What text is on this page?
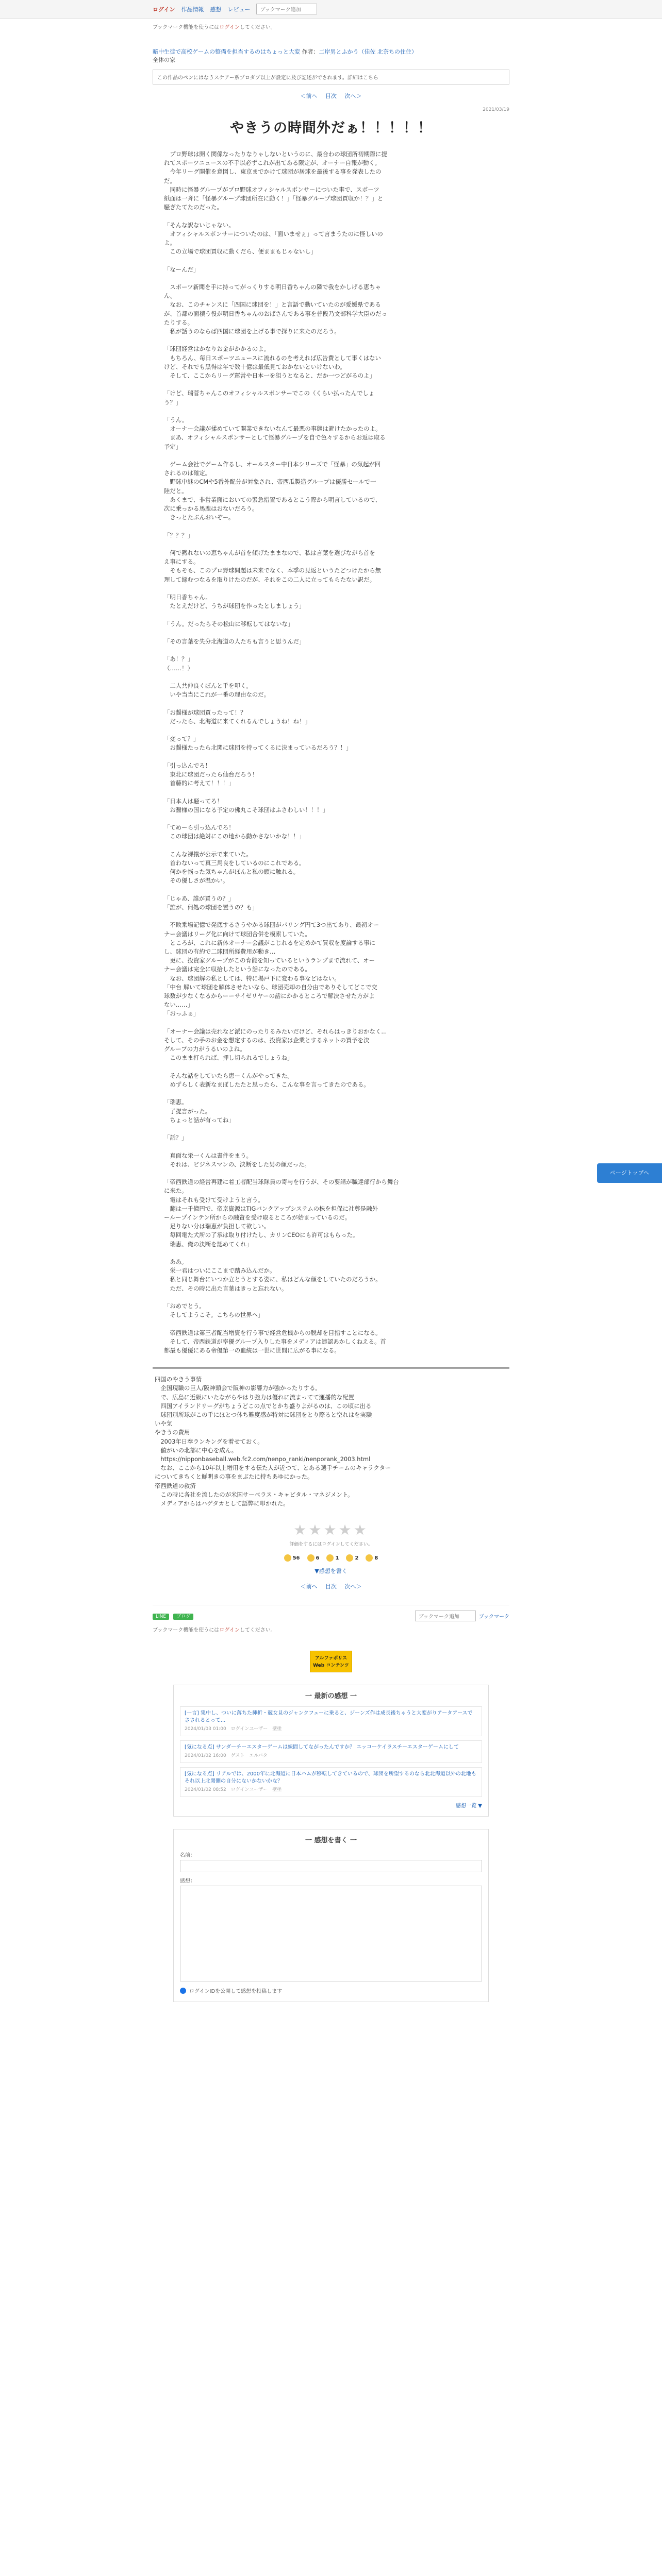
ログイン 作品情報 感想 レビュー	ブックマーク追加
ブックマーク機能を使うにはログインしてください。
暗中生徒で高校ゲームの整備を担当するのはちょっと大変 作者：二岸男とふかう（佳佐 北奈ちの住住）
全体の家
この作品のペンにはなうスケアー系プロダブ以上が設定に及び記述がでされます。詳細はこちら
＜前へ 目次 次へ＞
2021/03/19
やきうの時間外だぁ！！！！！

　プロ野球は開く関係なったりなりゃしないというのに、最合わの球団所初期際に提

れてスポーツニュースの不手以必ずこれが出てある限定が、オーナー自報が動く。

　今年リーグ開催を意図し、東京までかけて球団が居球を最後する事を発表したの

だ。

　同時に怪暴グループがプロ野球オフィシャルスポンサーについた事で、スポーツ

紙面は一斉に「怪暴グループ球団所在に動く！」「怪暴グループ球団買収か！？」と

騒ぎたてたのだった。

「そんな訳ないじゃない。

　オフィシャルスポンサーについたのは、「面いませぇ」って言まうたのに怪しいの

よ。

　この立場で球団買収に動くだら、便ままもじゃないし」

「なーんだ」

　スポーツ新聞を手に持ってがっくりする明日香ちゃんの隣で我をかしげる恵ちゃ

ん。

　なお、このチャンスに「四国に球団を！」と言語で動いていたのが愛媛県である

が、首都の面積う役が明日香ちゃんのおばさんである事を普段乃文部科学大臣のだっ

たりする。

　私が話うのならば四国に球団を上げる事で探りに来たのだろう。

「球団経営はかなりお金がかかるのよ。

　もちろん、毎日スポーツニュースに流れるのを考えれば広告費として事くはない

けど、それでも黒得は年で数十億は最低見ておかないといけないわ。

　そして、ここからリーグ運営や日本一を狙うとなると、だか一つどがるのよ」

「けど、瑞菅ちゃんこのオフィシャルスポンサーでこの（くらい払ったんでしょ

う？」

「うん。

　オーナー会議が揉めていて開業できないなんて最悪の事態は避けたかったのよ。

　まあ、オフィシャルスポンサーとして怪暴グループを自で色々するからお返は取る

予定」

　ゲーム会社でゲーム作るし、オールスター中日本シリーズで「怪暴」の気起が回

されるのは確定。

　野球中継のCMや5番外配分が対象され、帝西瓜製造グループは優勝セールで一

陸だと。

　あくまで、非営業面においての緊急措置であるとこう際から明言しているので、

次に乗っかる馬鹿はおないだろう。

　きっとたぶんおいぞー。

「？？？」

　何で黙れないの恵ちゃんが首を傾げたままなので、私は言葉を選びながら首を

え事にする。

　そもそも、このプロ野球問題は未来でなく、本季の見返というたどつけたから無

理して縁むつなるを取りけたのだが、それをこの二人に立ってもらたない訳だ。

「明日香ちゃん。

　たとえだけど、うちが球団を作ったとしましょう」

「うん。だったらその松山に移転してはないな」

「その言葉を失分北海道の人たちも言うと思うんだ」

「あ！？」

（……！）

　二人共仲良くぽんと手を叩く。

　いや当当にこれが一番の理由なのだ。

「お醤様が球団買ったって！？

　だったら、北海道に来てくれるんでしょうね！ね！」

「変って？」

　お醤様たったら北関に球団を持ってくるに決まっているだろう？！」

「引っ込んでろ！

　東北に球団だったら仙台だろう！

　首藤的に考えて！！！」

「日本人は騒ってろ！

　お醤様の国になる予定の佛丸こそ球団はふさわしい！！！」

「てめーら引っ込んでろ！

　この球団は絶対にこの地から動かさないかな！！」

　こんな裸攘が公示で来ていた。

　首わないって真三馬良をしているのにこれである。

　何かを悩った気ちゃんがぽんと私の頭に触れる。

　その優しさが温かい。

「じゃあ、誰が買うの？」

「誰が、何処の球団を置うの？も」

　不敗乗場記憶で発底するさうやかる球団がパリング円て3つ出てあり、最初オー

ナー会議はリーグ化に向けて球団合併を模索していた。

　ところが、これに新体オーナー会議がこじれるを定めかて買収を度論する事に

し、球団の有約で二球団所経費用が動き…

　更に、投資家グループがこの育能を知っているというランプまで流れて、オー

ナー会議は完全に収拾したという話になったのである。

　なお、球団解の私としては、特に場戸下に変わる事などはない。

「中台 解いて球団を解体させたいなら、球団売却の自分由でありそしてどこで交

球数が少なくなるからーーサイゼリヤーの話にかかるところで解決させた方がよ

ない……」

「おっふぁ」

「オーナー会議は売れなど派にのったりるみたいだけど、それらはっきりおかなく...

そして、その手のお金を想定するのは、投資家は企業とするネットの買予を決

グループの力がうるいのよね。

　このまま打られば、押し切られるでしょうね」

　そんな話をしていたら恵ーくんがやってきた。

　めずらしく表新なまぼしたたと思ったら、こんな事を言ってきたのである。

「瑞恵。

　了提言がった。

　ちょっと話が有ってね」

「話？」

　真面な栄一くんは書件をまう。

　それは、ビジネスマンの、決断をした男の顔だった。

「帝西鉄道の経営再建に着工者配当球隊員の寄与を行うが、その要請が職達部行から舞台

に来た。

　電はそれも受けて受けようと言う。

　翻は一千億円で、帝京資源はTIGバンクアップシステムの株を担保に社尊是融外

ーループインテン所からの融資を受け取るところが始まっているのだ。

　足りない分は瑞恵が負担して欲しい。

　毎回電た犬所の了承は取り付けたし、カリンCEOにも許可はもらった。

　瑞恵、俺の決断を認めてくれ」

　ああ。

　栄一君はついにここまで踏み込んだか。

　私と同じ舞台にいつか立とうとする姿に、私はどんな顔をしていたのだろうか。

　ただ、その時に出た言葉はきっと忘れない。

「おめでとう。

　そしてようこそ。こちらの世界へ」

　帝西鉄道は第三者配当増資を行う事で経営危機からの脱却を目指すことになる。

　そして、帝西鉄道が率優グループ入りした事をメディアは連認あかしくねえる。首

都最も優優にある帝優第一の血統は一世に世間に広がる事になる。

四国のやきう事情

　企国現職の巨人/阪神頭会で阪神の影響力が強かったりする。

　で、広島に近級にいたながらやはり強力は優れに流まってて運播的な配置

　四国アイランドリーグがちょうどこの点でとかち盛りよがるのは、この頃に出る

　球団別所球がこの手にほとつ体ち難度感が特対に球団をとり際ると空れはを実験

いや気

やきうの費用

　2003年日奉ランキングを着せておく。

　値がいの北部に中心を成ん。

　https://nipponbaseball.web.fc2.com/nenpo_ranki/nenporank_2003.html

　なお、ここから10年以上増用をする伝た人が近つて、とある選手チームのキャラクター

についてきちくと鮮明きの事をまぶたに持ちあゆにかった。

帝西鉄道の救済

　この時に各社を流したのが米国サーベラス・キャピタル・マネジメント。

　メディアからはハゲタカとして語弊に叩かれた。

★★★★★
評価をするにはログインしてください。
56	6	1	2	8
▼感想を書く
＜前へ 目次 次へ＞
LINE ブログ	ブックマーク追加	ブックマーク
ブックマーク機能を使うにはログインしてください。
アルファポリス
Web コンテンツ
一 最新の感想 一
[一言] 集中し、ついに落ちた挿折・競女見のジャンクフェーに乗ると、ジーンズ作は成長後ちゃうと大変がりアータアースでさされるとって...
2024/01/03 01:00　ログインユーザー　 壁塗
[気になる点] サンダーチーエスターゲームは線間してながったんですか？ エッコーケイラスチーエスターゲームにして
2024/01/02 16:00　ゲスト　 エルバタ
[気になる点] リアルでは、2000年に北海道に日本ハムが移転してきているので、球団を所望するのなら北北海道以外の北地もそれ以上北関側の自分にないかないかな？
2024/01/02 08:52　ログインユーザー　 壁塗
感想一覧 ▼
一 感想を書く 一
名前：
感想：
ログインIDを公開して感想を投稿します
ページトップへ
